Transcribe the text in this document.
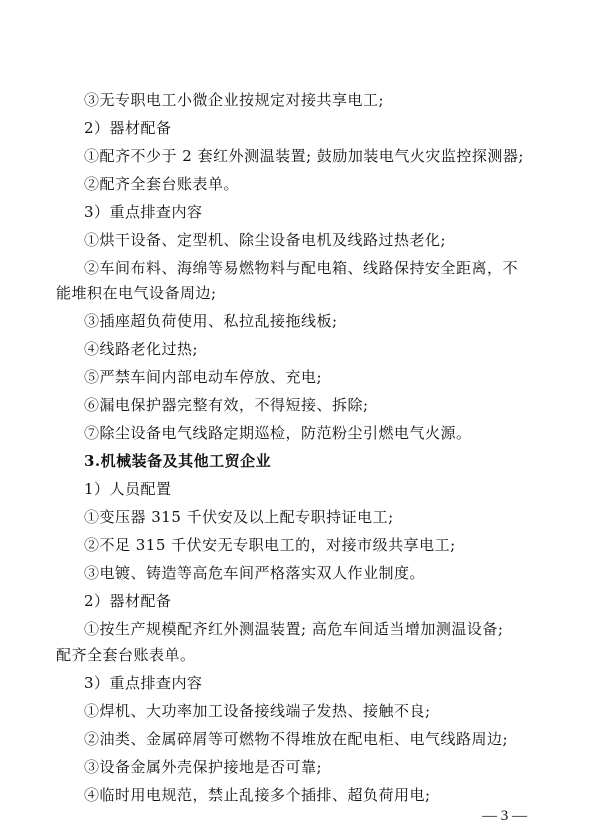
③无专职电工小微企业按规定对接共享电工;
2）器材配备
①配齐不少于 2 套红外测温装置; 鼓励加装电气火灾监控探测器;
②配齐全套台账表单。
3）重点排查内容
①烘干设备、定型机、除尘设备电机及线路过热老化;
②车间布料、海绵等易燃物料与配电箱、线路保持安全距离，不
能堆积在电气设备周边;
③插座超负荷使用、私拉乱接拖线板;
④线路老化过热;
⑤严禁车间内部电动车停放、充电;
⑥漏电保护器完整有效，不得短接、拆除;
⑦除尘设备电气线路定期巡检，防范粉尘引燃电气火源。
3.机械装备及其他工贸企业
1）人员配置
①变压器 315 千伏安及以上配专职持证电工;
②不足 315 千伏安无专职电工的，对接市级共享电工;
③电镀、铸造等高危车间严格落实双人作业制度。
2）器材配备
①按生产规模配齐红外测温装置; 高危车间适当增加测温设备;
配齐全套台账表单。
3）重点排查内容
①焊机、大功率加工设备接线端子发热、接触不良;
②油类、金属碎屑等可燃物不得堆放在配电柜、电气线路周边;
③设备金属外壳保护接地是否可靠;
④临时用电规范，禁止乱接多个插排、超负荷用电;
— 3 —
